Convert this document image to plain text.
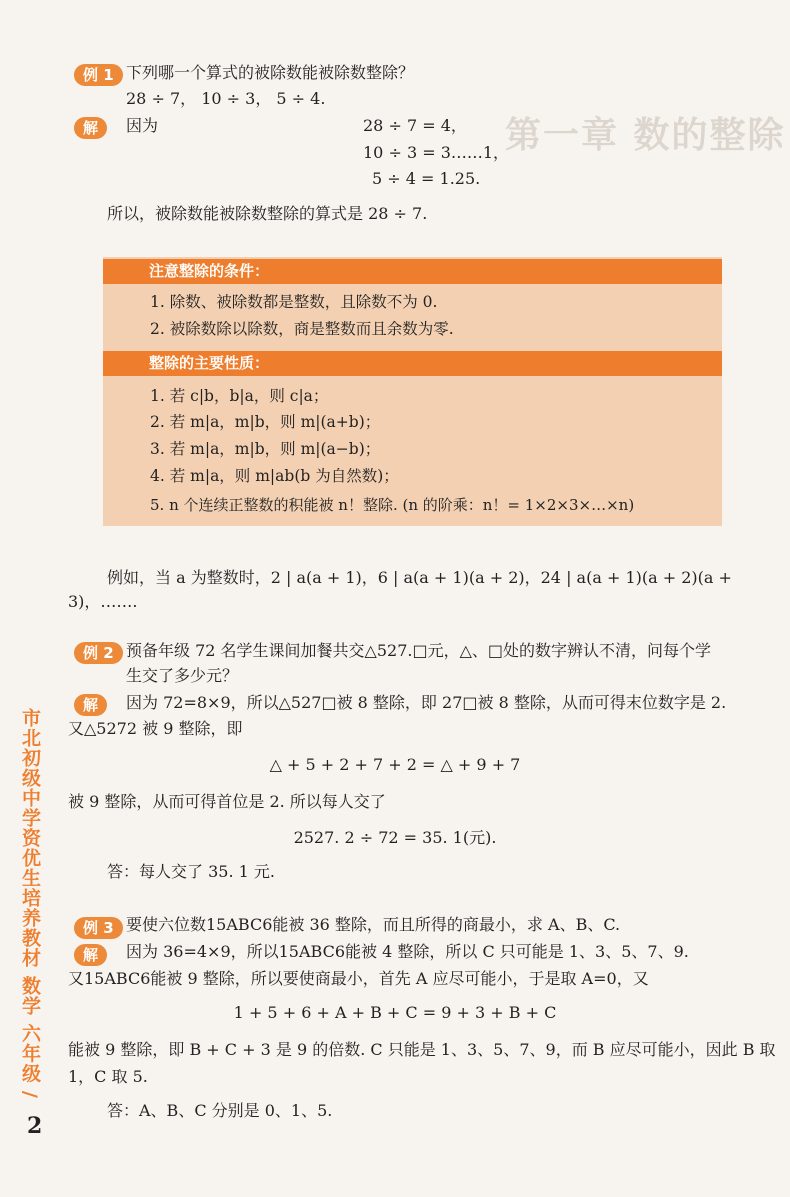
第一章 数的整除
例 1 下列哪一个算式的被除数能被除数整除？
28 ÷ 7， 10 ÷ 3， 5 ÷ 4.
解	因为	28 ÷ 7 = 4，
10 ÷ 3 = 3……1，
5 ÷ 4 = 1.25.
所以，被除数能被除数整除的算式是 28 ÷ 7.
注意整除的条件：
1. 除数、被除数都是整数，且除数不为 0.
2. 被除数除以除数，商是整数而且余数为零.
整除的主要性质：
1. 若 c|b，b|a，则 c|a；
2. 若 m|a，m|b，则 m|(a+b)；
3. 若 m|a，m|b，则 m|(a−b)；
4. 若 m|a，则 m|ab(b 为自然数)；
5. n 个连续正整数的积能被 n！整除. (n 的阶乘：n！= 1×2×3×…×n)
例如，当 a 为整数时，2 | a(a + 1)，6 | a(a + 1)(a + 2)，24 | a(a + 1)(a + 2)(a +
3)，…….
例 2 预备年级 72 名学生课间加餐共交△527.□元，△、□处的数字辨认不清，问每个学
生交了多少元？
解	因为 72=8×9，所以△527□被 8 整除，即 27□被 8 整除，从而可得末位数字是 2.
又△5272 被 9 整除，即
△ + 5 + 2 + 7 + 2 = △ + 9 + 7
被 9 整除，从而可得首位是 2. 所以每人交了
2527. 2 ÷ 72 = 35. 1(元).
答：每人交了 35. 1 元.
例 3 要使六位数15ABC6能被 36 整除，而且所得的商最小，求 A、B、C.
解	因为 36=4×9，所以15ABC6能被 4 整除，所以 C 只可能是 1、3、5、7、9.
又15ABC6能被 9 整除，所以要使商最小，首先 A 应尽可能小，于是取 A=0，又
1 + 5 + 6 + A + B + C = 9 + 3 + B + C
能被 9 整除，即 B + C + 3 是 9 的倍数. C 只能是 1、3、5、7、9，而 B 应尽可能小，因此 B 取
1，C 取 5.
答：A、B、C 分别是 0、1、5.
市北初级中学资优生培养教材 数学 六年级 /
2
